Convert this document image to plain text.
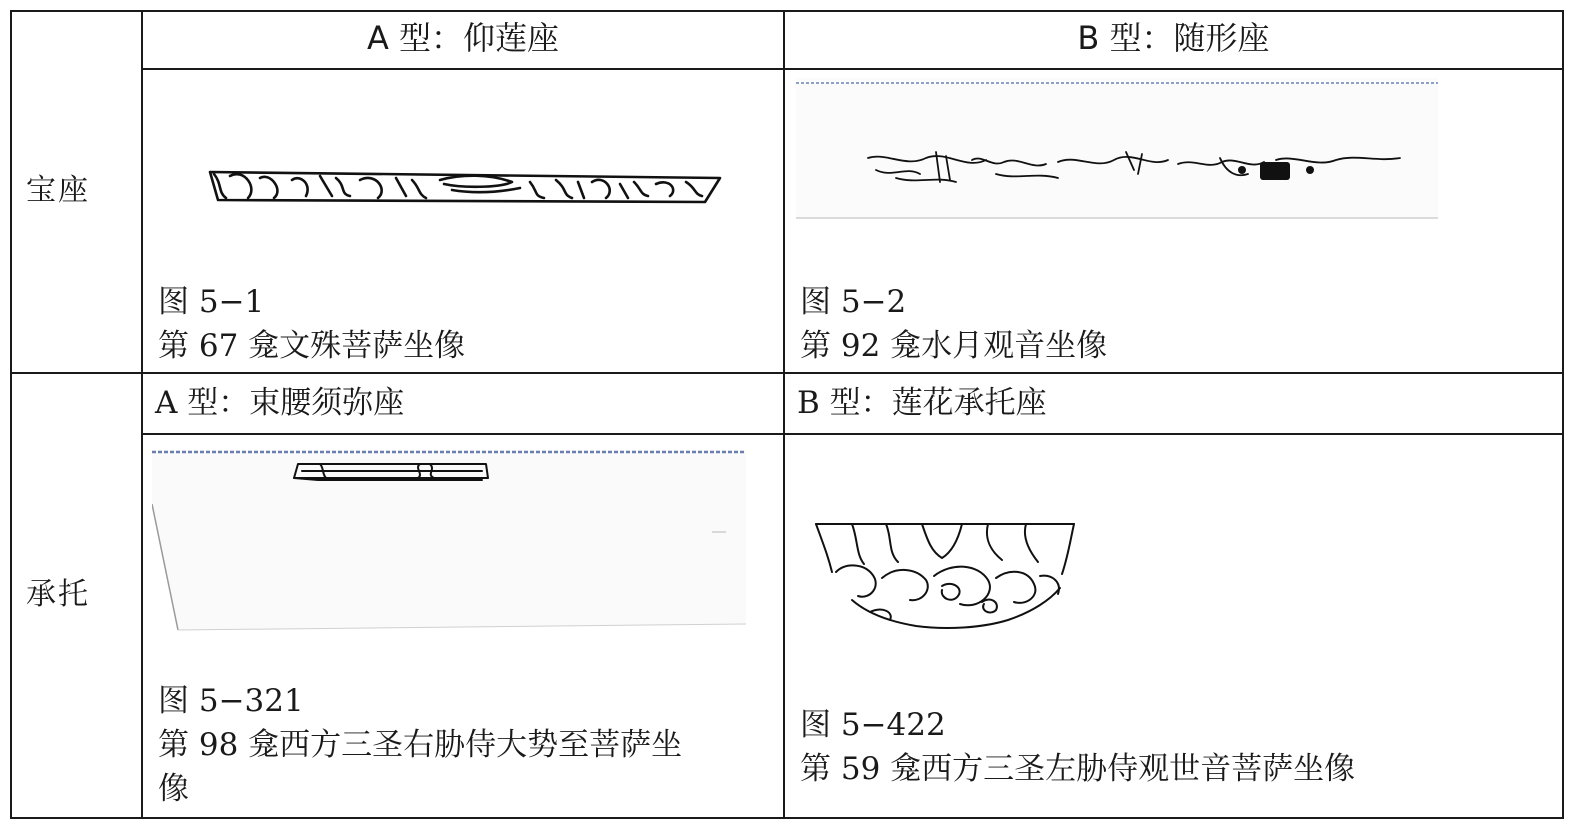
A 型：仰莲座	B 型：随形座
宝座
图 5−1
第 67 龛文殊菩萨坐像
图 5−2
第 92 龛水月观音坐像
承托
A 型：束腰须弥座	B 型：莲花承托座
图 5−321
第 98 龛西方三圣右胁侍大势至菩萨坐
像
图 5−422
第 59 龛西方三圣左胁侍观世音菩萨坐像
